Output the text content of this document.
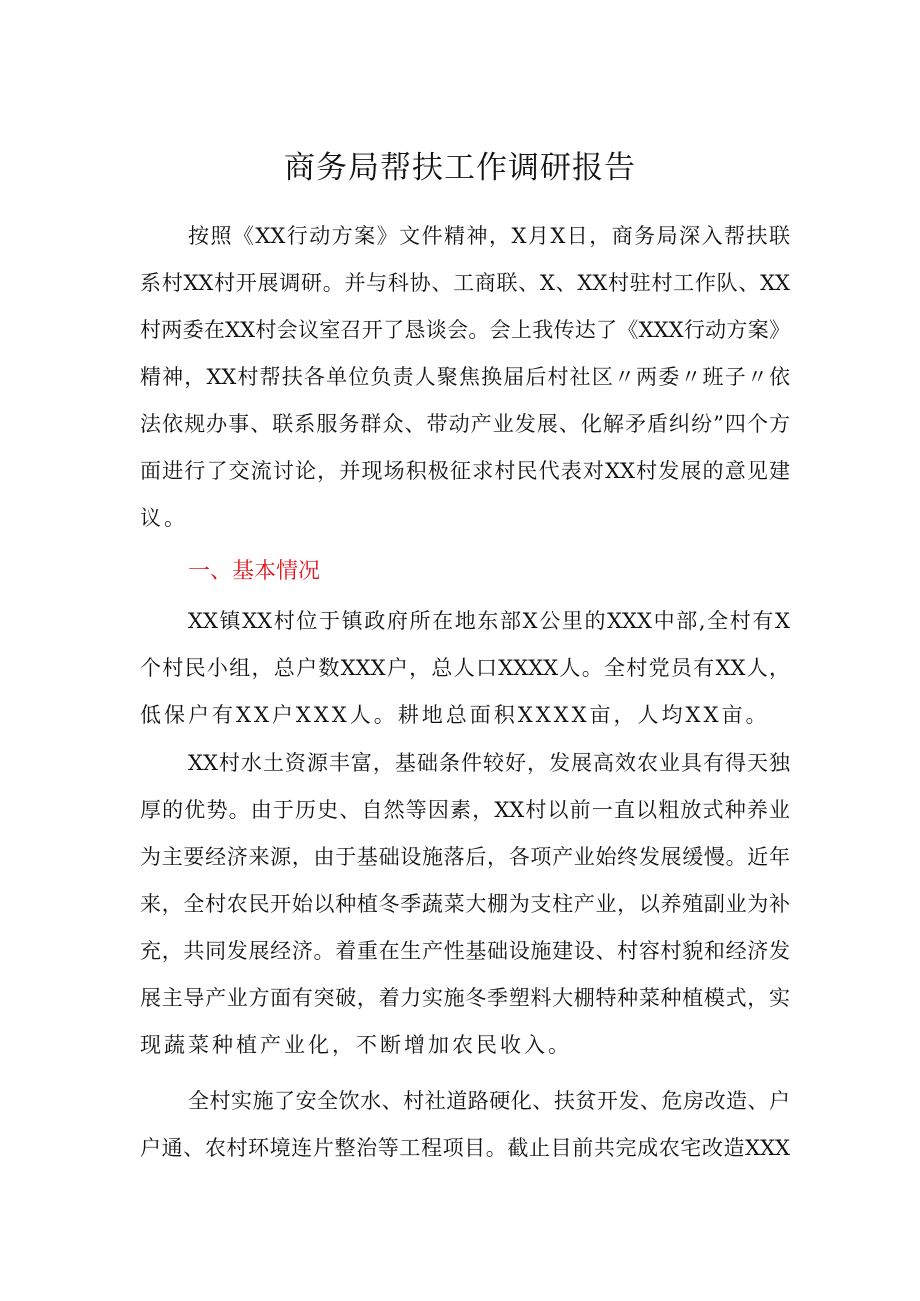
商务局帮扶工作调研报告
按照《XX行动方案》文件精神，X月X日，商务局深入帮扶联
系村XX村开展调研。并与科协、工商联、X、XX村驻村工作队、XX
村两委在XX村会议室召开了恳谈会。会上我传达了《XXX行动方案》
精神，XX村帮扶各单位负责人聚焦换届后村社区〃两委〃班子〃依
法依规办事、联系服务群众、带动产业发展、化解矛盾纠纷”四个方
面进行了交流讨论，并现场积极征求村民代表对XX村发展的意见建
议。
一、基本情况
XX镇XX村位于镇政府所在地东部X公里的XXX中部,全村有X
个村民小组，总户数XXX户，总人口XXXX人。全村党员有XX人，
低保户有XX户XXX人。耕地总面积XXXX亩，人均XX亩。
XX村水土资源丰富，基础条件较好，发展高效农业具有得天独
厚的优势。由于历史、自然等因素，XX村以前一直以粗放式种养业
为主要经济来源，由于基础设施落后，各项产业始终发展缓慢。近年
来，全村农民开始以种植冬季蔬菜大棚为支柱产业，以养殖副业为补
充，共同发展经济。着重在生产性基础设施建设、村容村貌和经济发
展主导产业方面有突破，着力实施冬季塑料大棚特种菜种植模式，实
现蔬菜种植产业化，不断增加农民收入。
全村实施了安全饮水、村社道路硬化、扶贫开发、危房改造、户
户通、农村环境连片整治等工程项目。截止目前共完成农宅改造XXX
